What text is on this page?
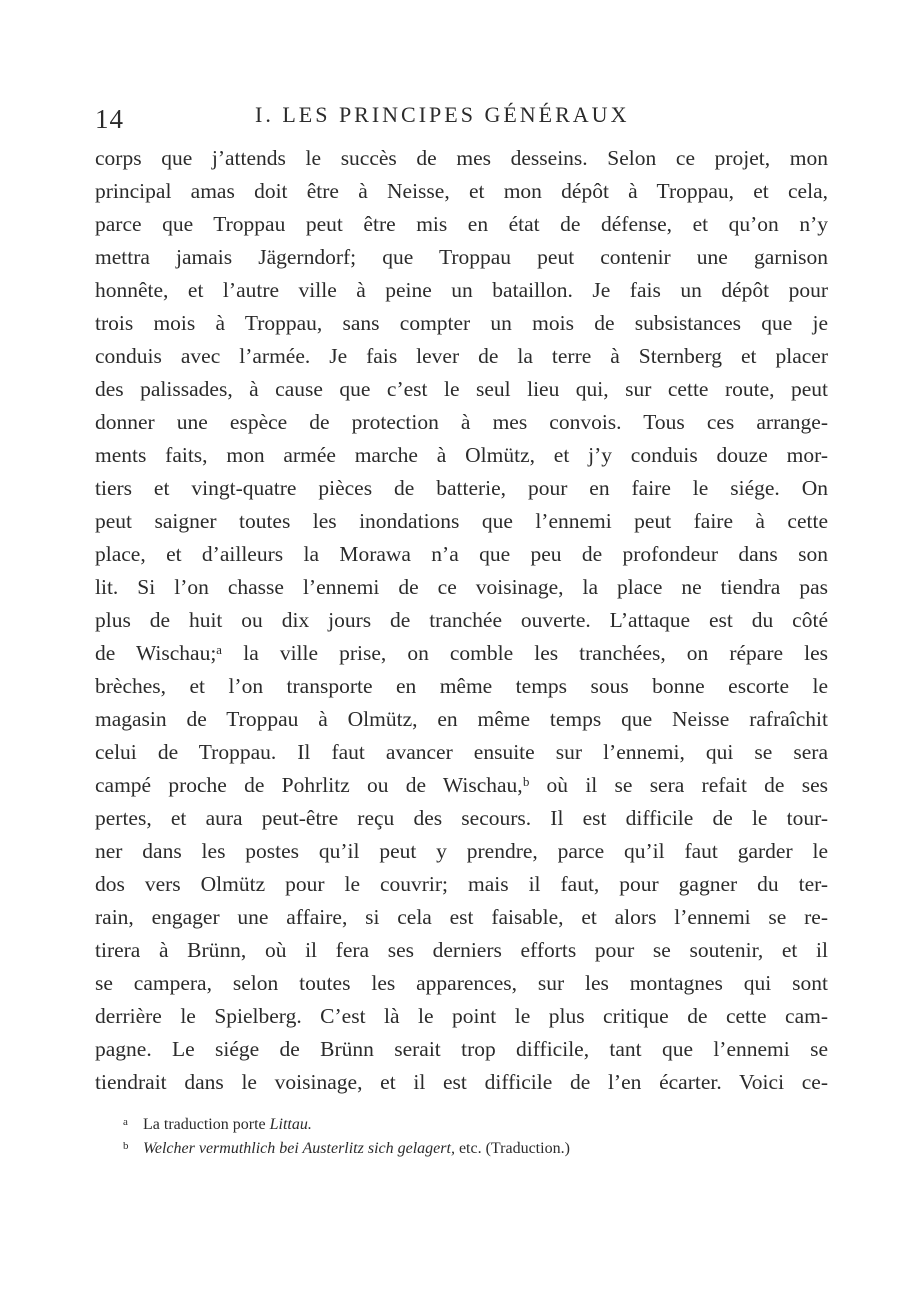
14	I. LES PRINCIPES GÉNÉRAUX
corps que j’attends le succès de mes desseins. Selon ce projet, mon
principal amas doit être à Neisse, et mon dépôt à Troppau, et cela,
parce que Troppau peut être mis en état de défense, et qu’on n’y
mettra jamais Jägerndorf; que Troppau peut contenir une garnison
honnête, et l’autre ville à peine un bataillon. Je fais un dépôt pour
trois mois à Troppau, sans compter un mois de subsistances que je
conduis avec l’armée. Je fais lever de la terre à Sternberg et placer
des palissades, à cause que c’est le seul lieu qui, sur cette route, peut
donner une espèce de protection à mes convois. Tous ces arrange-
ments faits, mon armée marche à Olmütz, et j’y conduis douze mor-
tiers et vingt-quatre pièces de batterie, pour en faire le siége. On
peut saigner toutes les inondations que l’ennemi peut faire à cette
place, et d’ailleurs la Morawa n’a que peu de profondeur dans son
lit. Si l’on chasse l’ennemi de ce voisinage, la place ne tiendra pas
plus de huit ou dix jours de tranchée ouverte. L’attaque est du côté
de Wischau;ᵃ la ville prise, on comble les tranchées, on répare les
brèches, et l’on transporte en même temps sous bonne escorte le
magasin de Troppau à Olmütz, en même temps que Neisse rafraîchit
celui de Troppau. Il faut avancer ensuite sur l’ennemi, qui se sera
campé proche de Pohrlitz ou de Wischau,ᵇ où il se sera refait de ses
pertes, et aura peut-être reçu des secours. Il est difficile de le tour-
ner dans les postes qu’il peut y prendre, parce qu’il faut garder le
dos vers Olmütz pour le couvrir; mais il faut, pour gagner du ter-
rain, engager une affaire, si cela est faisable, et alors l’ennemi se re-
tirera à Brünn, où il fera ses derniers efforts pour se soutenir, et il
se campera, selon toutes les apparences, sur les montagnes qui sont
derrière le Spielberg. C’est là le point le plus critique de cette cam-
pagne. Le siége de Brünn serait trop difficile, tant que l’ennemi se
tiendrait dans le voisinage, et il est difficile de l’en écarter. Voici ce-
a La traduction porte Littau.
b Welcher vermuthlich bei Austerlitz sich gelagert, etc. (Traduction.)
